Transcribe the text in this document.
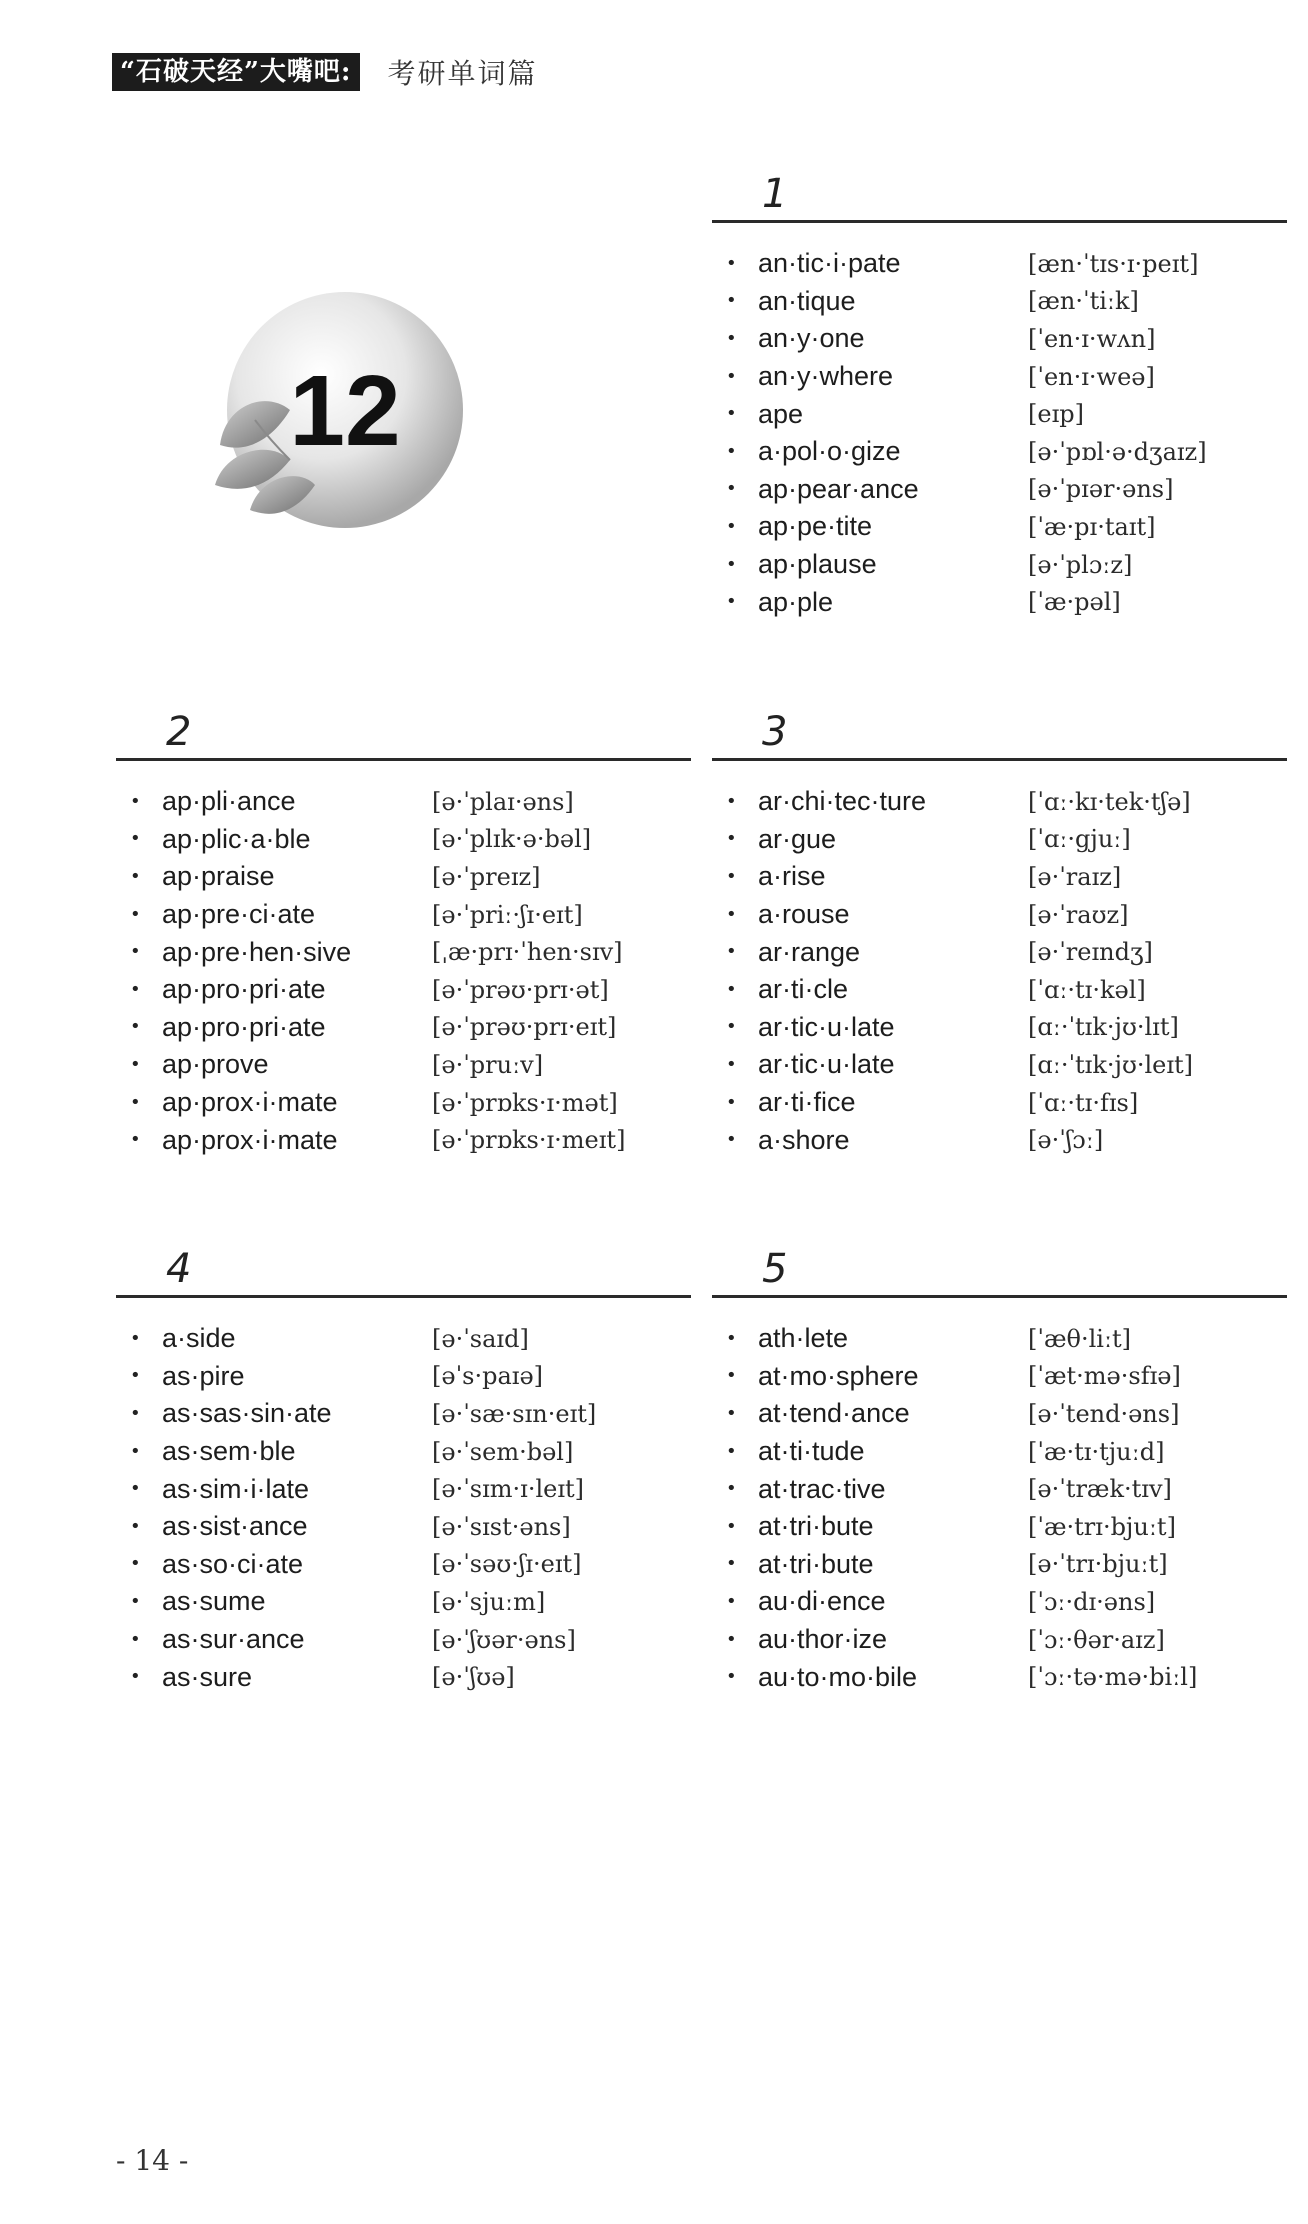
“石破天经”大嘴吧: 考研单词篇
12
1
• an·tic·i·pate	[æn·ˈtɪs·ɪ·peɪt]
• an·tique	[æn·ˈtiːk]
• an·y·one	[ˈen·ɪ·wʌn]
• an·y·where	[ˈen·ɪ·weə]
• ape	[eɪp]
• a·pol·o·gize	[ə·ˈpɒl·ə·dʒaɪz]
• ap·pear·ance	[ə·ˈpɪər·əns]
• ap·pe·tite	[ˈæ·pɪ·taɪt]
• ap·plause	[ə·ˈplɔːz]
• ap·ple	[ˈæ·pəl]
2
• ap·pli·ance	[ə·ˈplaɪ·əns]
• ap·plic·a·ble	[ə·ˈplɪk·ə·bəl]
• ap·praise	[ə·ˈpreɪz]
• ap·pre·ci·ate	[ə·ˈpriː·ʃɪ·eɪt]
• ap·pre·hen·sive	[ˌæ·prɪ·ˈhen·sɪv]
• ap·pro·pri·ate	[ə·ˈprəʊ·prɪ·ət]
• ap·pro·pri·ate	[ə·ˈprəʊ·prɪ·eɪt]
• ap·prove	[ə·ˈpruːv]
• ap·prox·i·mate	[ə·ˈprɒks·ɪ·mət]
• ap·prox·i·mate	[ə·ˈprɒks·ɪ·meɪt]
3
• ar·chi·tec·ture	[ˈɑː·kɪ·tek·tʃə]
• ar·gue	[ˈɑː·gjuː]
• a·rise	[ə·ˈraɪz]
• a·rouse	[ə·ˈraʊz]
• ar·range	[ə·ˈreɪndʒ]
• ar·ti·cle	[ˈɑː·tɪ·kəl]
• ar·tic·u·late	[ɑː·ˈtɪk·jʊ·lɪt]
• ar·tic·u·late	[ɑː·ˈtɪk·jʊ·leɪt]
• ar·ti·fice	[ˈɑː·tɪ·fɪs]
• a·shore	[ə·ˈʃɔː]
4
• a·side	[ə·ˈsaɪd]
• as·pire	[əˈs·paɪə]
• as·sas·sin·ate	[ə·ˈsæ·sɪn·eɪt]
• as·sem·ble	[ə·ˈsem·bəl]
• as·sim·i·late	[ə·ˈsɪm·ɪ·leɪt]
• as·sist·ance	[ə·ˈsɪst·əns]
• as·so·ci·ate	[ə·ˈsəʊ·ʃɪ·eɪt]
• as·sume	[ə·ˈsjuːm]
• as·sur·ance	[ə·ˈʃʊər·əns]
• as·sure	[ə·ˈʃʊə]
5
• ath·lete	[ˈæθ·liːt]
• at·mo·sphere	[ˈæt·mə·sfɪə]
• at·tend·ance	[ə·ˈtend·əns]
• at·ti·tude	[ˈæ·tɪ·tjuːd]
• at·trac·tive	[ə·ˈtræk·tɪv]
• at·tri·bute	[ˈæ·trɪ·bjuːt]
• at·tri·bute	[ə·ˈtrɪ·bjuːt]
• au·di·ence	[ˈɔː·dɪ·əns]
• au·thor·ize	[ˈɔː·θər·aɪz]
• au·to·mo·bile	[ˈɔː·tə·mə·biːl]
- 14 -
